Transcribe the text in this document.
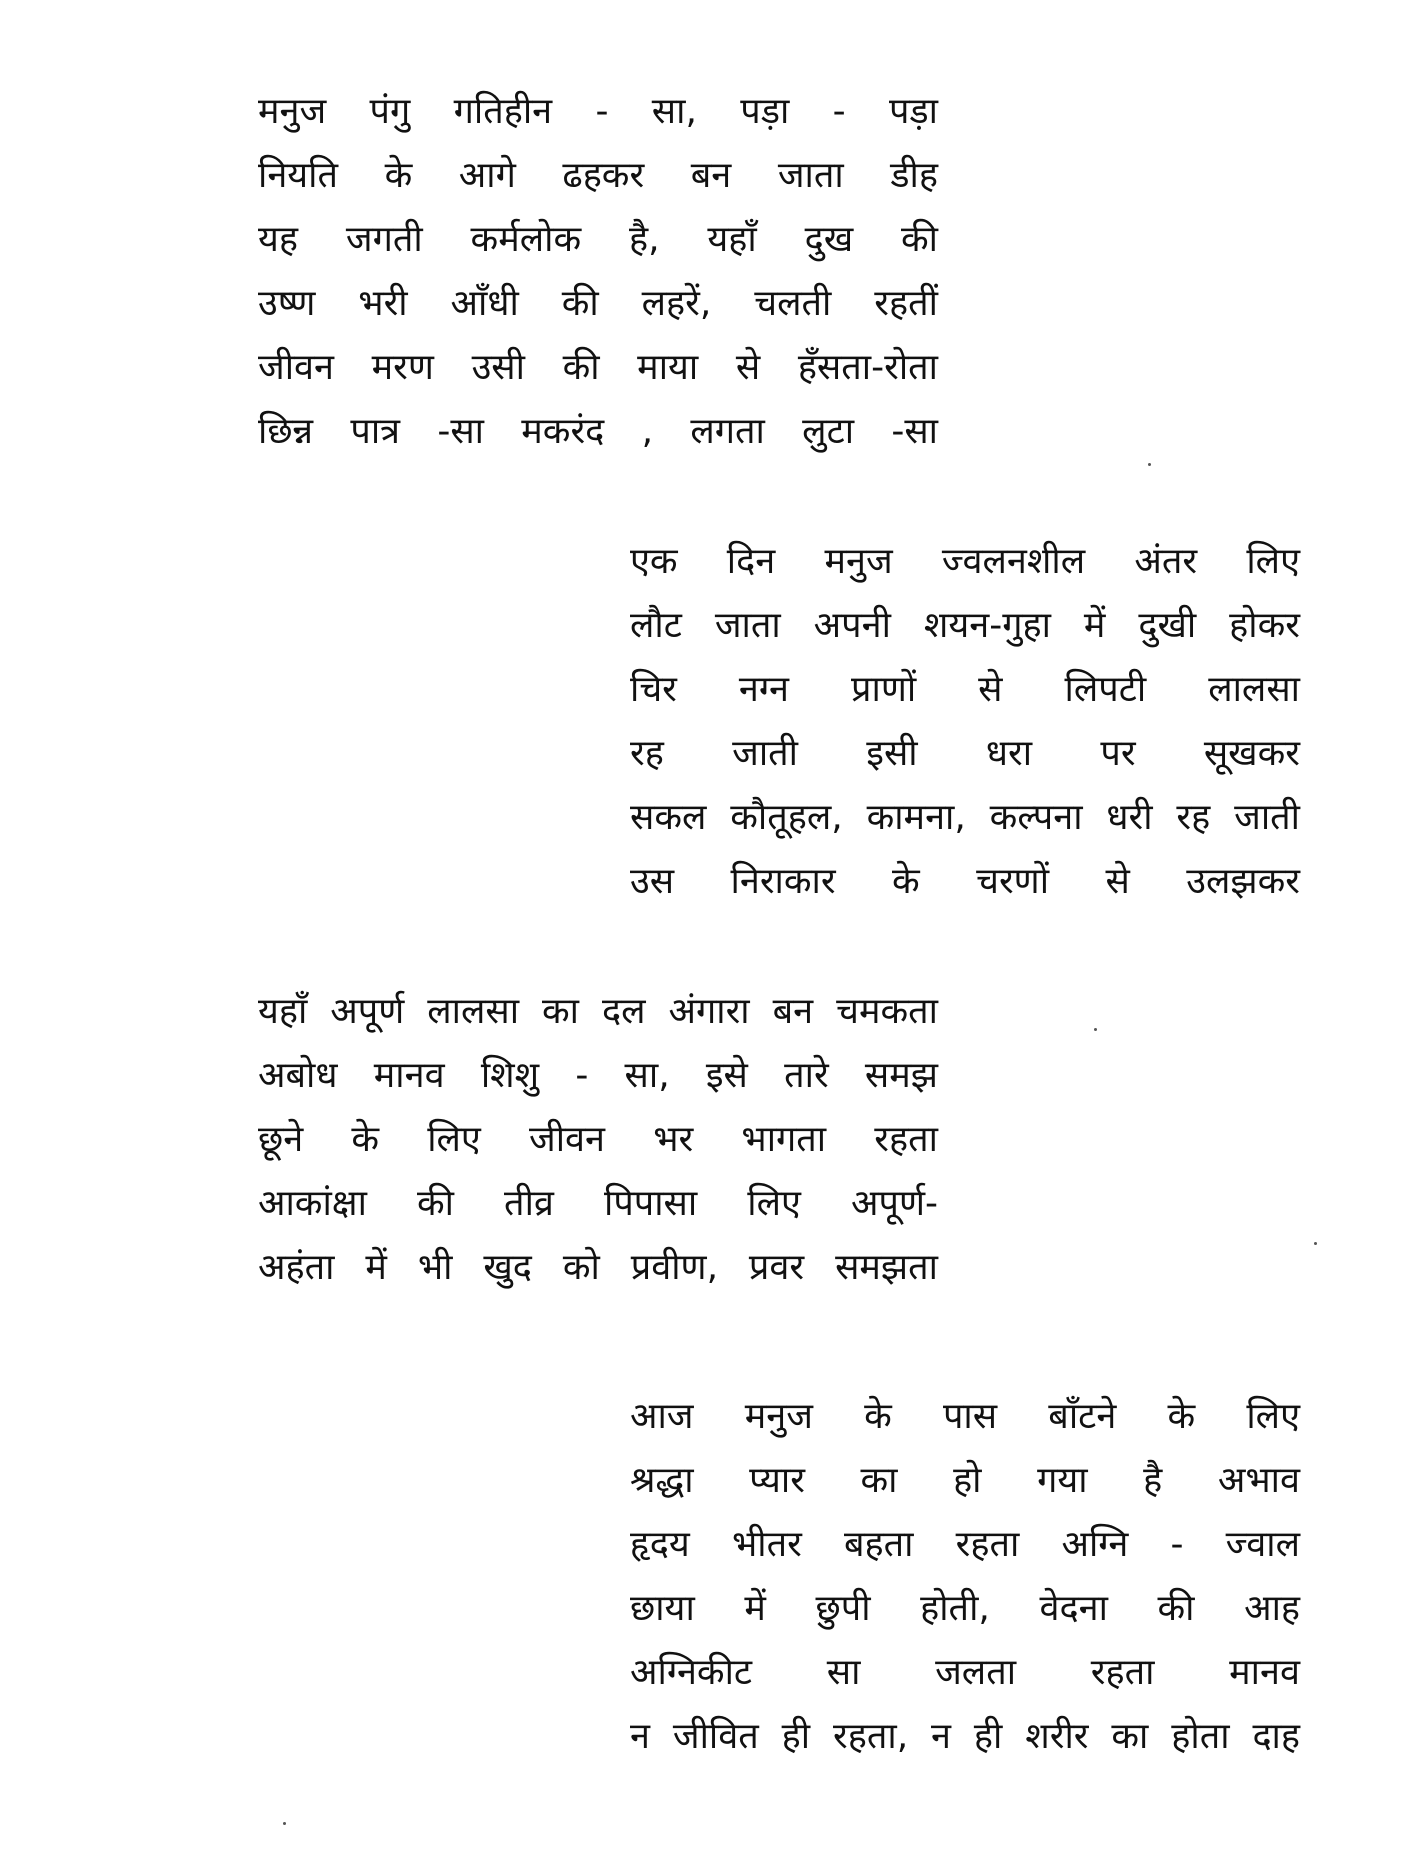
मनुज पंगु गतिहीन - सा, पड़ा - पड़ा
नियति के आगे ढहकर बन जाता डीह
यह जगती कर्मलोक है, यहाँ दुख की
उष्ण भरी आँधी की लहरें, चलती रहतीं
जीवन मरण उसी की माया से हँसता-रोता
छिन्न पात्र -सा मकरंद , लगता लुटा -सा
एक दिन मनुज ज्वलनशील अंतर लिए
लौट जाता अपनी शयन-गुहा में दुखी होकर
चिर नग्न प्राणों से लिपटी लालसा
रह जाती इसी धरा पर सूखकर
सकल कौतूहल, कामना, कल्पना धरी रह जाती
उस निराकार के चरणों से उलझकर
यहाँ अपूर्ण लालसा का दल अंगारा बन चमकता
अबोध मानव शिशु - सा, इसे तारे समझ
छूने के लिए जीवन भर भागता रहता
आकांक्षा की तीव्र पिपासा लिए अपूर्ण-
अहंता में भी खुद को प्रवीण, प्रवर समझता
आज मनुज के पास बाँटने के लिए
श्रद्धा प्यार का हो गया है अभाव
हृदय भीतर बहता रहता अग्नि - ज्वाल
छाया में छुपी होती, वेदना की आह
अग्निकीट सा जलता रहता मानव
न जीवित ही रहता, न ही शरीर का होता दाह
